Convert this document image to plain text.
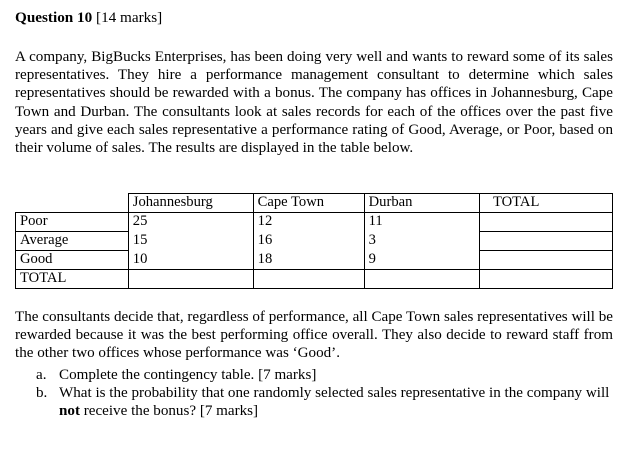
Question 10 [14 marks]

A company, BigBucks Enterprises, has been doing very well and wants to reward some of its sales representatives. They hire a performance management consultant to determine which sales representatives should be rewarded with a bonus. The company has offices in Johannesburg, Cape Town and Durban. The consultants look at sales records for each of the offices over the past five years and give each sales representative a performance rating of Good, Average, or Poor, based on their volume of sales. The results are displayed in the table below.

	Johannesburg	Cape Town	Durban	TOTAL
Poor	25	12	11	
Average	15	16	3	
Good	10	18	9	
TOTAL				

The consultants decide that, regardless of performance, all Cape Town sales representatives will be rewarded because it was the best performing office overall. They also decide to reward staff from the other two offices whose performance was ‘Good’.

a. Complete the contingency table. [7 marks]
b. What is the probability that one randomly selected sales representative in the company will not receive the bonus? [7 marks]
